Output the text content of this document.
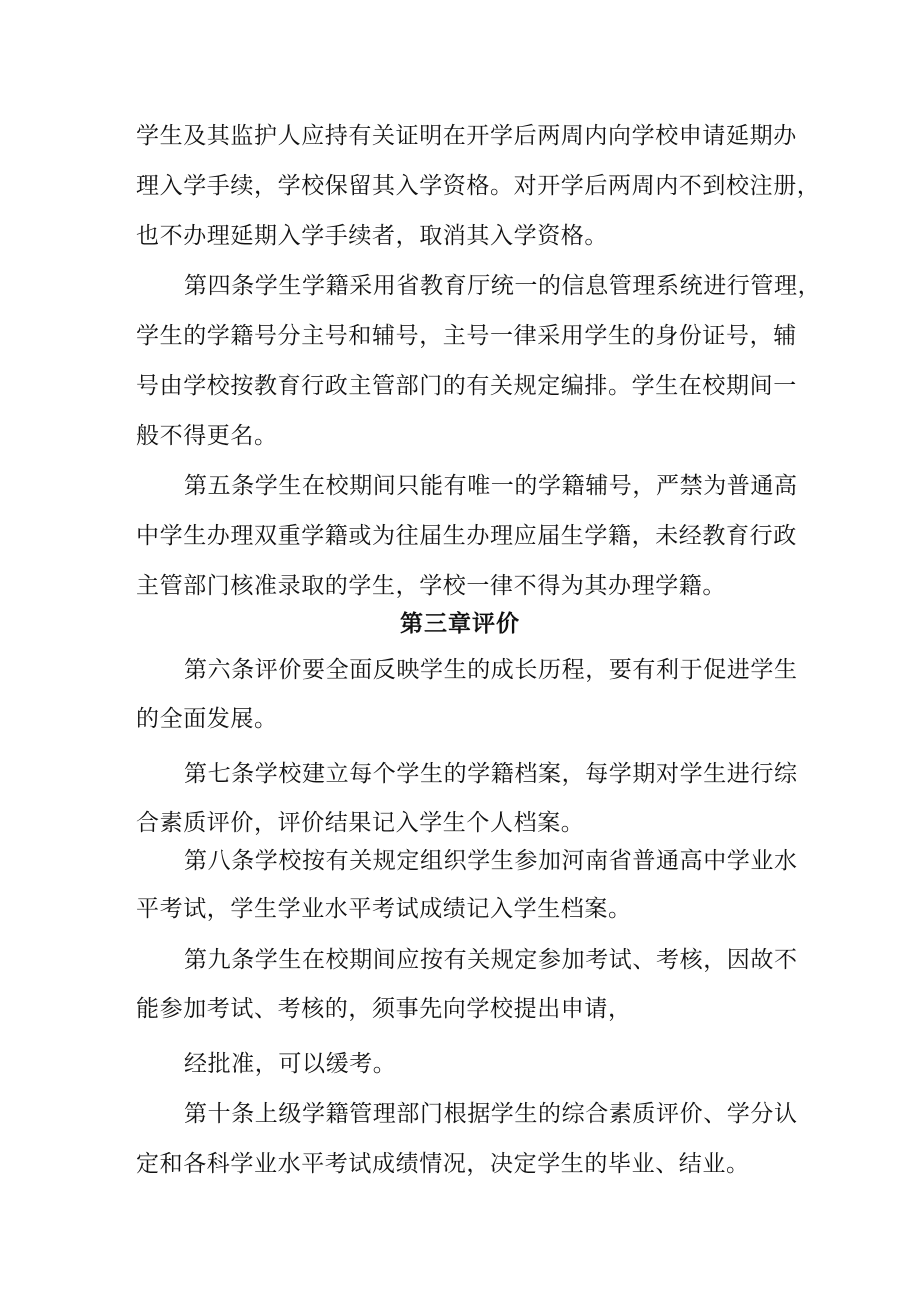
学生及其监护人应持有关证明在开学后两周内向学校申请延期办
理入学手续，学校保留其入学资格。对开学后两周内不到校注册，
也不办理延期入学手续者，取消其入学资格。
第四条学生学籍采用省教育厅统一的信息管理系统进行管理，
学生的学籍号分主号和辅号，主号一律采用学生的身份证号，辅
号由学校按教育行政主管部门的有关规定编排。学生在校期间一
般不得更名。
第五条学生在校期间只能有唯一的学籍辅号，严禁为普通高
中学生办理双重学籍或为往届生办理应届生学籍，未经教育行政
主管部门核准录取的学生，学校一律不得为其办理学籍。
第三章评价
第六条评价要全面反映学生的成长历程，要有利于促进学生
的全面发展。
第七条学校建立每个学生的学籍档案，每学期对学生进行综
合素质评价，评价结果记入学生个人档案。
第八条学校按有关规定组织学生参加河南省普通高中学业水
平考试，学生学业水平考试成绩记入学生档案。
第九条学生在校期间应按有关规定参加考试、考核，因故不
能参加考试、考核的，须事先向学校提出申请，
经批准，可以缓考。
第十条上级学籍管理部门根据学生的综合素质评价、学分认
定和各科学业水平考试成绩情况，决定学生的毕业、结业。
